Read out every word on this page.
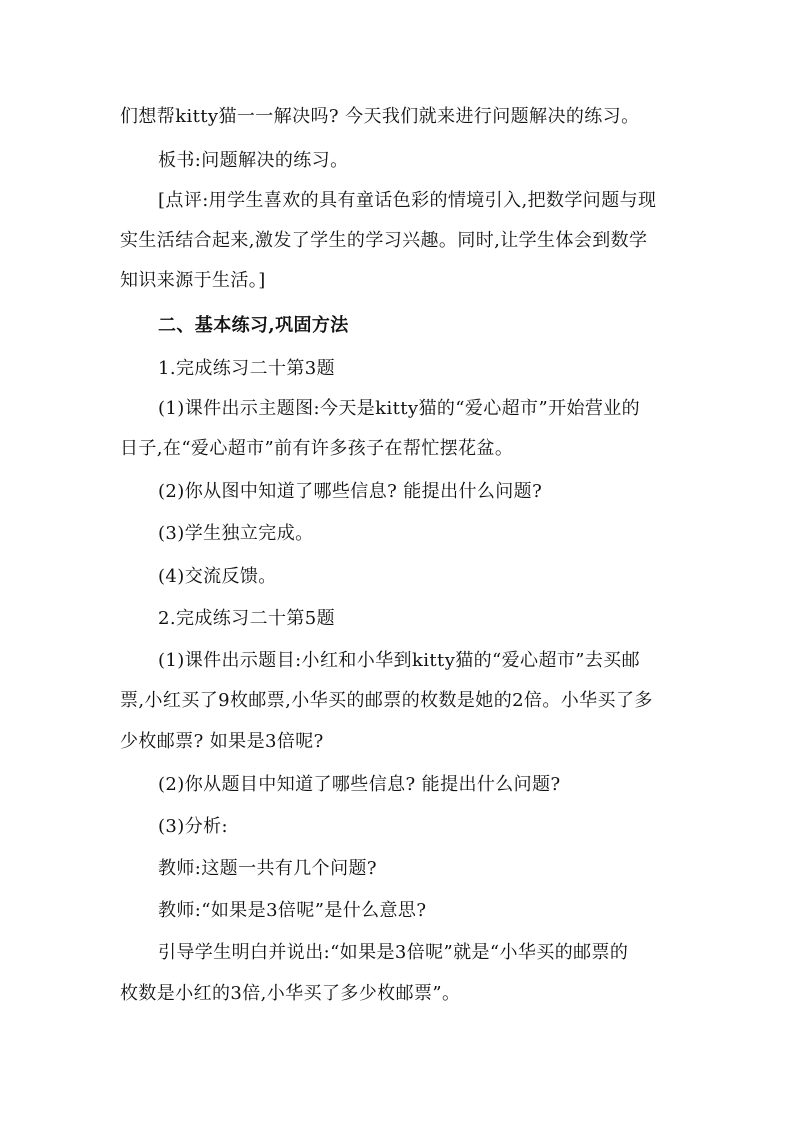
们想帮kitty猫一一解决吗? 今天我们就来进行问题解决的练习。
板书:问题解决的练习。
[点评:用学生喜欢的具有童话色彩的情境引入,把数学问题与现
实生活结合起来,激发了学生的学习兴趣。同时,让学生体会到数学
知识来源于生活。]
二、基本练习,巩固方法
1.完成练习二十第3题
(1)课件出示主题图:今天是kitty猫的“爱心超市”开始营业的
日子,在“爱心超市”前有许多孩子在帮忙摆花盆。
(2)你从图中知道了哪些信息? 能提出什么问题?
(3)学生独立完成。
(4)交流反馈。
2.完成练习二十第5题
(1)课件出示题目:小红和小华到kitty猫的“爱心超市”去买邮
票,小红买了9枚邮票,小华买的邮票的枚数是她的2倍。小华买了多
少枚邮票? 如果是3倍呢?
(2)你从题目中知道了哪些信息? 能提出什么问题?
(3)分析:
教师:这题一共有几个问题?
教师:“如果是3倍呢”是什么意思?
引导学生明白并说出:“如果是3倍呢”就是“小华买的邮票的
枚数是小红的3倍,小华买了多少枚邮票”。
